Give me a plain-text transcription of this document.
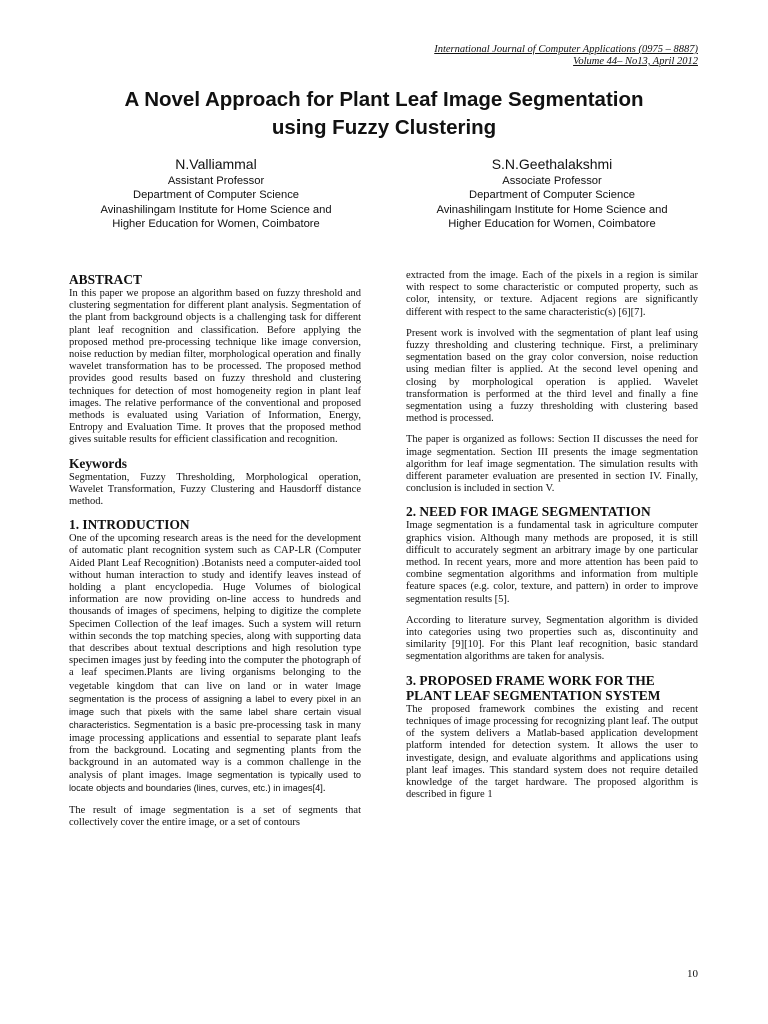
International Journal of Computer Applications (0975 – 8887)
Volume 44– No13, April 2012
A Novel Approach for Plant Leaf Image Segmentation
using Fuzzy Clustering
N.Valliammal
Assistant Professor
Department of Computer Science
Avinashilingam Institute for Home Science and
Higher Education for Women, Coimbatore
S.N.Geethalakshmi
Associate Professor
Department of Computer Science
Avinashilingam Institute for Home Science and
Higher Education for Women, Coimbatore
ABSTRACT

In this paper we propose an algorithm based on fuzzy threshold and clustering segmentation for different plant analysis. Segmentation of the plant from background objects is a challenging task for different plant leaf recognition and classification. Before applying the proposed method pre-processing technique like image conversion, noise reduction by median filter, morphological operation and finally wavelet transformation has to be processed. The proposed method provides good results based on fuzzy threshold and clustering techniques for detection of most homogeneity region in plant leaf images. The relative performance of the conventional and proposed methods is evaluated using Variation of Information, Energy, Entropy and Evaluation Time. It proves that the proposed method gives suitable results for efficient classification and recognition.

Keywords

Segmentation, Fuzzy Thresholding, Morphological operation, Wavelet Transformation, Fuzzy Clustering and Hausdorff distance method.

1. INTRODUCTION

One of the upcoming research areas is the need for the development of automatic plant recognition system such as CAP-LR (Computer Aided Plant Leaf Recognition) .Botanists need a computer-aided tool without human interaction to study and identify leaves instead of holding a plant encyclopedia. Huge Volumes of biological information are now providing on-line access to hundreds and thousands of images of specimens, helping to digitize the complete Specimen Collection of the leaf images. Such a system will return within seconds the top matching species, along with supporting data that describes about textual descriptions and high resolution type specimen images just by feeding into the computer the photograph of a leaf specimen.Plants are living organisms belonging to the vegetable kingdom that can live on land or in water Image segmentation is the process of assigning a label to every pixel in an image such that pixels with the same label share certain visual characteristics. Segmentation is a basic pre-processing task in many image processing applications and essential to separate plant leafs from the background. Locating and segmenting plants from the background in an automated way is a common challenge in the analysis of plant images. Image segmentation is typically used to locate objects and boundaries (lines, curves, etc.) in images[4].

The result of image segmentation is a set of segments that collectively cover the entire image, or a set of contours

extracted from the image. Each of the pixels in a region is similar with respect to some characteristic or computed property, such as color, intensity, or texture. Adjacent regions are significantly different with respect to the same characteristic(s) [6][7].

Present work is involved with the segmentation of plant leaf using fuzzy thresholding and clustering technique. First, a preliminary segmentation based on the gray color conversion, noise reduction using median filter is applied. At the second level opening and closing by morphological operation is applied. Wavelet transformation is performed at the third level and finally a fine segmentation using a fuzzy thresholding with clustering based method is processed.

The paper is organized as follows: Section II discusses the need for image segmentation. Section III presents the image segmentation algorithm for leaf image segmentation. The simulation results with different parameter evaluation are presented in section IV. Finally, conclusion is included in section V.

2. NEED FOR IMAGE SEGMENTATION

Image segmentation is a fundamental task in agriculture computer graphics vision. Although many methods are proposed, it is still difficult to accurately segment an arbitrary image by one particular method. In recent years, more and more attention has been paid to combine segmentation algorithms and information from multiple feature spaces (e.g. color, texture, and pattern) in order to improve segmentation results [5].

According to literature survey, Segmentation algorithm is divided into categories using two properties such as, discontinuity and similarity [9][10]. For this Plant leaf recognition, basic standard segmentation algorithms are taken for analysis.

3. PROPOSED FRAME WORK FOR THE PLANT LEAF SEGMENTATION SYSTEM

The proposed framework combines the existing and recent techniques of image processing for recognizing plant leaf. The output of the system delivers a Matlab-based application development platform intended for detection system. It allows the user to investigate, design, and evaluate algorithms and applications using plant leaf images. This standard system does not require detailed knowledge of the target hardware. The proposed algorithm is described in figure 1

10
